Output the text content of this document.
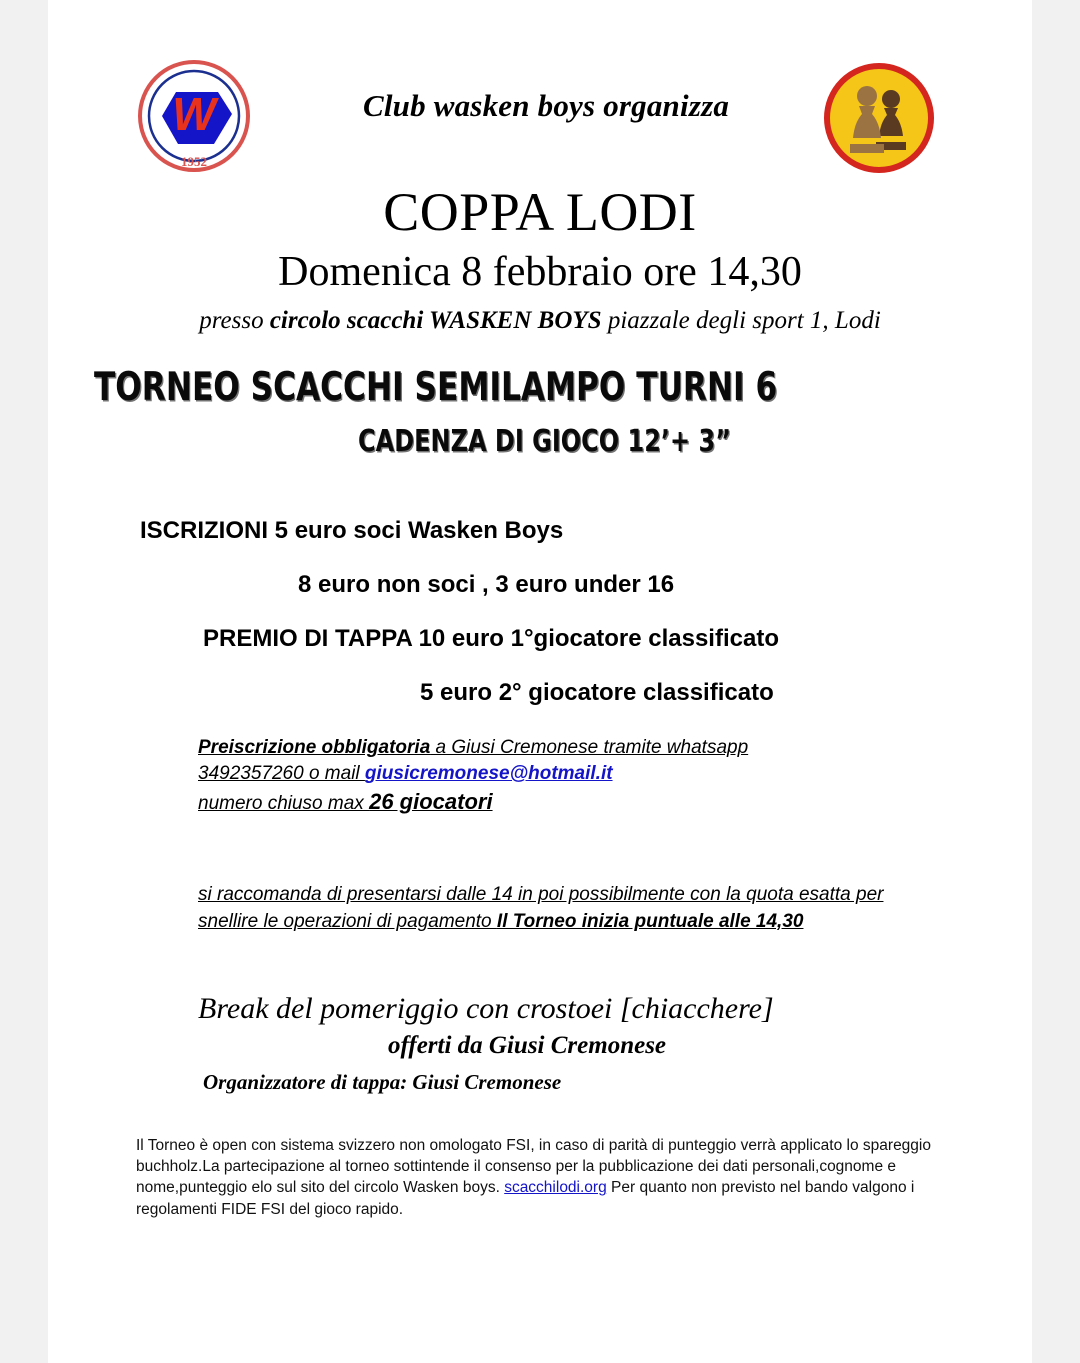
W
1952
Club wasken boys organizza
COPPA LODI
Domenica 8 febbraio ore 14,30
presso circolo scacchi WASKEN BOYS piazzale degli sport 1, Lodi
TORNEO SCACCHI SEMILAMPO TURNI 6
CADENZA DI GIOCO 12’+ 3”
ISCRIZIONI 5 euro soci Wasken Boys
8 euro non soci , 3 euro under 16
PREMIO DI TAPPA 10 euro 1°giocatore classificato
5 euro 2° giocatore classificato
Preiscrizione obbligatoria a Giusi Cremonese tramite whatsapp
3492357260 o mail giusicremonese@hotmail.it
numero chiuso max 26 giocatori
si raccomanda di presentarsi dalle 14 in poi possibilmente con la quota esatta per snellire le operazioni di pagamento Il Torneo inizia puntuale alle 14,30
Break del pomeriggio con crostoei [chiacchere]
offerti da Giusi Cremonese
Organizzatore di tappa: Giusi Cremonese
Il Torneo è open con sistema svizzero non omologato FSI, in caso di parità di punteggio verrà applicato lo spareggio buchholz.La partecipazione al torneo sottintende il consenso per la pubblicazione dei dati personali,cognome e nome,punteggio elo sul sito del circolo Wasken boys. scacchilodi.org Per quanto non previsto nel bando valgono i regolamenti FIDE FSI del gioco rapido.
